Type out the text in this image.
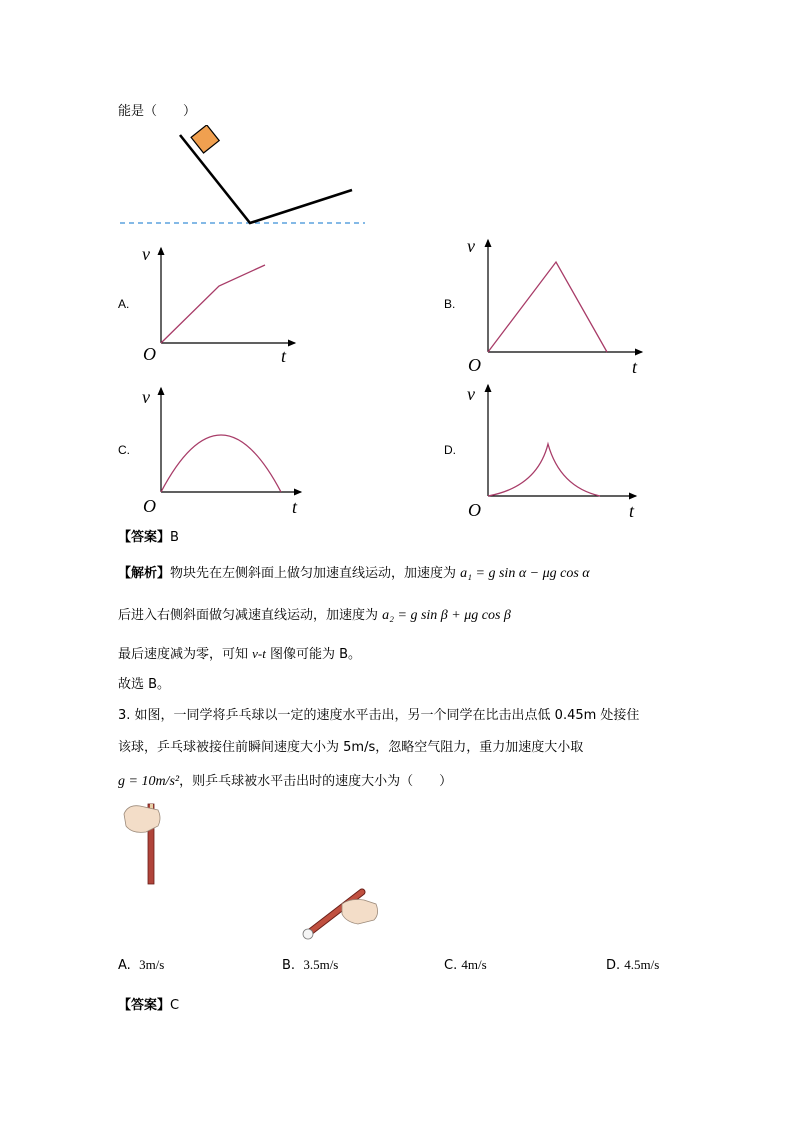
能是（　　）
A.
v
O	t
B.
v
O	t
C.
v
O	t
D.
v
O	t
【答案】B
【解析】物块先在左侧斜面上做匀加速直线运动，加速度为 a₁ = g sin α − μg cos α
后进入右侧斜面做匀减速直线运动，加速度为 a₂ = g sin β + μg cos β
最后速度减为零，可知 v-t 图像可能为 B。
故选 B。
3. 如图，一同学将乒乓球以一定的速度水平击出，另一个同学在比击出点低 0.45m 处接住
该球，乒乓球被接住前瞬间速度大小为 5m/s，忽略空气阻力，重力加速度大小取
g = 10m/s²，则乒乓球被水平击出时的速度大小为（　　）
A. 3m/s	B. 3.5m/s	C. 4m/s	D. 4.5m/s
【答案】C
